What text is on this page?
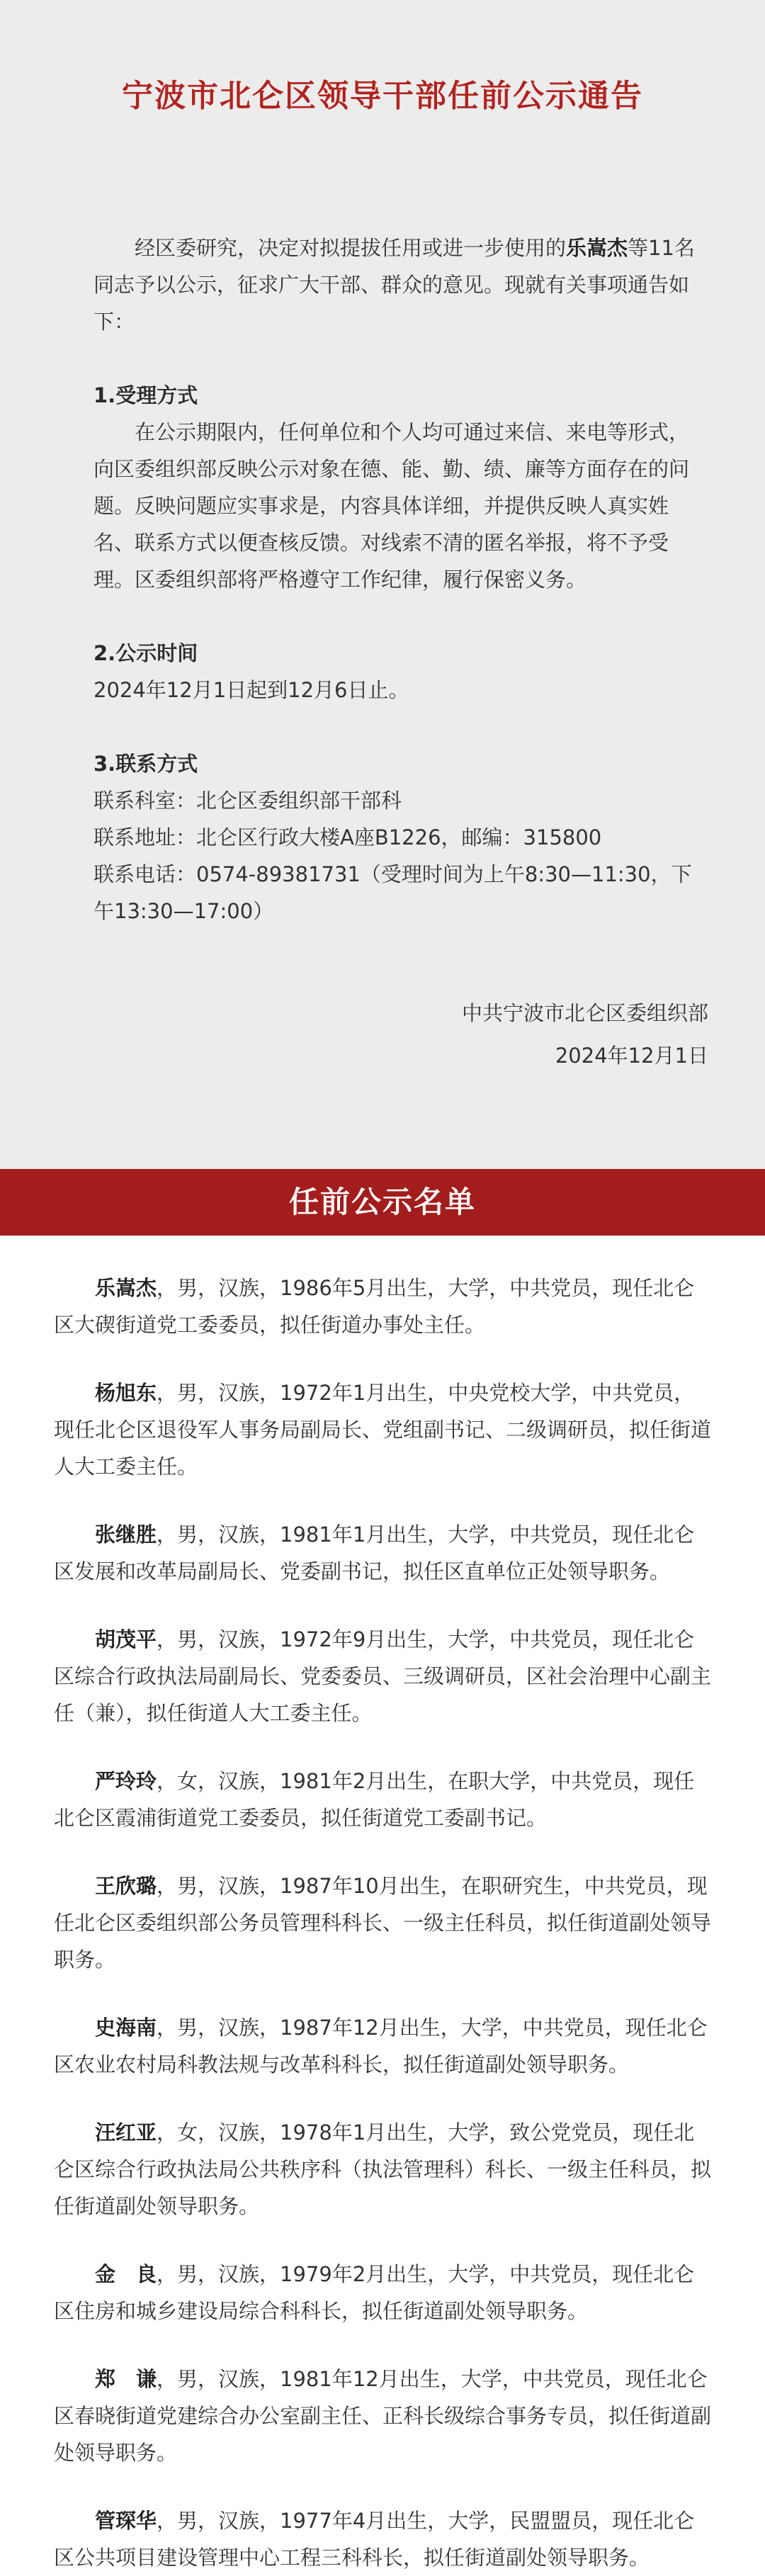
宁波市北仑区领导干部任前公示通告

经区委研究，决定对拟提拔任用或进一步使用的乐嵩杰等11名同志予以公示，征求广大干部、群众的意见。现就有关事项通告如下：

1.受理方式

在公示期限内，任何单位和个人均可通过来信、来电等形式，向区委组织部反映公示对象在德、能、勤、绩、廉等方面存在的问题。反映问题应实事求是，内容具体详细，并提供反映人真实姓名、联系方式以便查核反馈。对线索不清的匿名举报，将不予受理。区委组织部将严格遵守工作纪律，履行保密义务。

2.公示时间

2024年12月1日起到12月6日止。

3.联系方式

联系科室：北仑区委组织部干部科

联系地址：北仑区行政大楼A座B1226，邮编：315800

联系电话：0574-89381731（受理时间为上午8:30—11:30，下午13:30—17:00）

中共宁波市北仑区委组织部
2024年12月1日
任前公示名单

乐嵩杰，男，汉族，1986年5月出生，大学，中共党员，现任北仑区大碶街道党工委委员，拟任街道办事处主任。

杨旭东，男，汉族，1972年1月出生，中央党校大学，中共党员，现任北仑区退役军人事务局副局长、党组副书记、二级调研员，拟任街道人大工委主任。

张继胜，男，汉族，1981年1月出生，大学，中共党员，现任北仑区发展和改革局副局长、党委副书记，拟任区直单位正处领导职务。

胡茂平，男，汉族，1972年9月出生，大学，中共党员，现任北仑区综合行政执法局副局长、党委委员、三级调研员，区社会治理中心副主任（兼），拟任街道人大工委主任。

严玲玲，女，汉族，1981年2月出生，在职大学，中共党员，现任北仑区霞浦街道党工委委员，拟任街道党工委副书记。

王欣璐，男，汉族，1987年10月出生，在职研究生，中共党员，现任北仑区委组织部公务员管理科科长、一级主任科员，拟任街道副处领导职务。

史海南，男，汉族，1987年12月出生，大学，中共党员，现任北仑区农业农村局科教法规与改革科科长，拟任街道副处领导职务。

汪红亚，女，汉族，1978年1月出生，大学，致公党党员，现任北仑区综合行政执法局公共秩序科（执法管理科）科长、一级主任科员，拟任街道副处领导职务。

金　良，男，汉族，1979年2月出生，大学，中共党员，现任北仑区住房和城乡建设局综合科科长，拟任街道副处领导职务。

郑　谦，男，汉族，1981年12月出生，大学，中共党员，现任北仑区春晓街道党建综合办公室副主任、正科长级综合事务专员，拟任街道副处领导职务。

管琛华，男，汉族，1977年4月出生，大学，民盟盟员，现任北仑区公共项目建设管理中心工程三科科长，拟任街道副处领导职务。
